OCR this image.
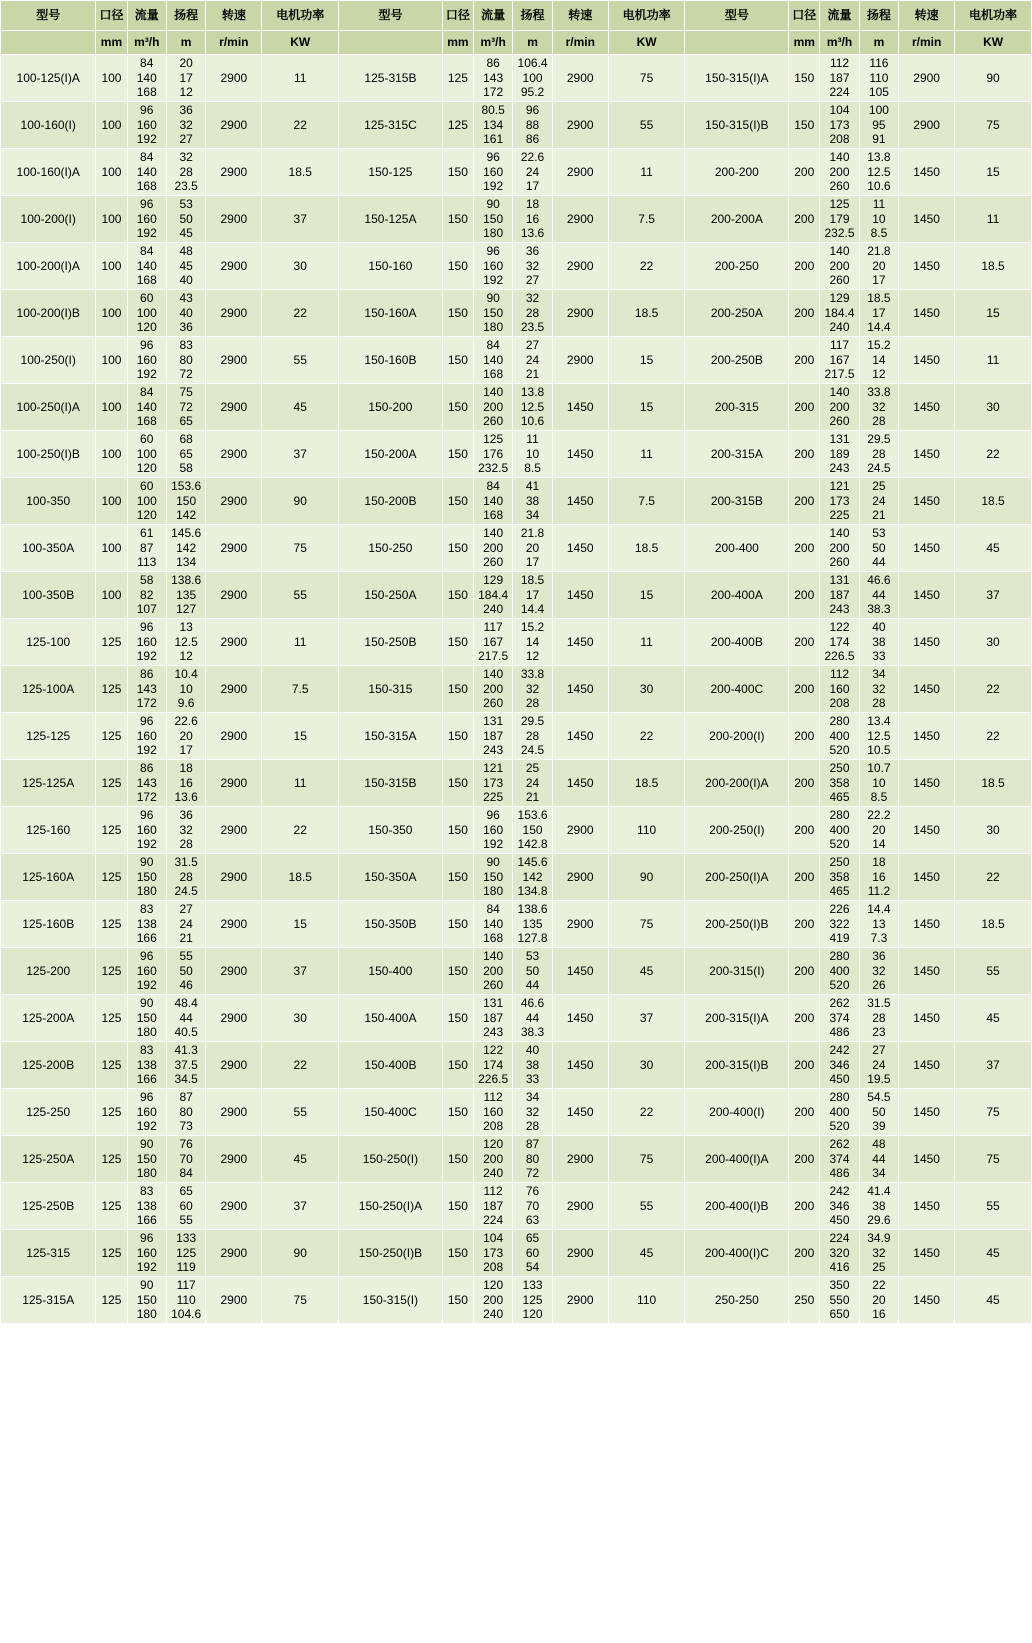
型号	口径	流量	扬程	转速	电机功率	型号	口径	流量	扬程	转速	电机功率	型号	口径	流量	扬程	转速	电机功率
	mm	m³/h	m	r/min	KW		mm	m³/h	m	r/min	KW		mm	m³/h	m	r/min	KW
100-125(I)A	100	84
140
168	20
17
12	2900	11	125-315B	125	86
143
172	106.4
100
95.2	2900	75	150-315(I)A	150	112
187
224	116
110
105	2900	90
100-160(I)	100	96
160
192	36
32
27	2900	22	125-315C	125	80.5
134
161	96
88
86	2900	55	150-315(I)B	150	104
173
208	100
95
91	2900	75
100-160(I)A	100	84
140
168	32
28
23.5	2900	18.5	150-125	150	96
160
192	22.6
24
17	2900	11	200-200	200	140
200
260	13.8
12.5
10.6	1450	15
100-200(I)	100	96
160
192	53
50
45	2900	37	150-125A	150	90
150
180	18
16
13.6	2900	7.5	200-200A	200	125
179
232.5	11
10
8.5	1450	11
100-200(I)A	100	84
140
168	48
45
40	2900	30	150-160	150	96
160
192	36
32
27	2900	22	200-250	200	140
200
260	21.8
20
17	1450	18.5
100-200(I)B	100	60
100
120	43
40
36	2900	22	150-160A	150	90
150
180	32
28
23.5	2900	18.5	200-250A	200	129
184.4
240	18.5
17
14.4	1450	15
100-250(I)	100	96
160
192	83
80
72	2900	55	150-160B	150	84
140
168	27
24
21	2900	15	200-250B	200	117
167
217.5	15.2
14
12	1450	11
100-250(I)A	100	84
140
168	75
72
65	2900	45	150-200	150	140
200
260	13.8
12.5
10.6	1450	15	200-315	200	140
200
260	33.8
32
28	1450	30
100-250(I)B	100	60
100
120	68
65
58	2900	37	150-200A	150	125
176
232.5	11
10
8.5	1450	11	200-315A	200	131
189
243	29.5
28
24.5	1450	22
100-350	100	60
100
120	153.6
150
142	2900	90	150-200B	150	84
140
168	41
38
34	1450	7.5	200-315B	200	121
173
225	25
24
21	1450	18.5
100-350A	100	61
87
113	145.6
142
134	2900	75	150-250	150	140
200
260	21.8
20
17	1450	18.5	200-400	200	140
200
260	53
50
44	1450	45
100-350B	100	58
82
107	138.6
135
127	2900	55	150-250A	150	129
184.4
240	18.5
17
14.4	1450	15	200-400A	200	131
187
243	46.6
44
38.3	1450	37
125-100	125	96
160
192	13
12.5
12	2900	11	150-250B	150	117
167
217.5	15.2
14
12	1450	11	200-400B	200	122
174
226.5	40
38
33	1450	30
125-100A	125	86
143
172	10.4
10
9.6	2900	7.5	150-315	150	140
200
260	33.8
32
28	1450	30	200-400C	200	112
160
208	34
32
28	1450	22
125-125	125	96
160
192	22.6
20
17	2900	15	150-315A	150	131
187
243	29.5
28
24.5	1450	22	200-200(I)	200	280
400
520	13.4
12.5
10.5	1450	22
125-125A	125	86
143
172	18
16
13.6	2900	11	150-315B	150	121
173
225	25
24
21	1450	18.5	200-200(I)A	200	250
358
465	10.7
10
8.5	1450	18.5
125-160	125	96
160
192	36
32
28	2900	22	150-350	150	96
160
192	153.6
150
142.8	2900	110	200-250(I)	200	280
400
520	22.2
20
14	1450	30
125-160A	125	90
150
180	31.5
28
24.5	2900	18.5	150-350A	150	90
150
180	145.6
142
134.8	2900	90	200-250(I)A	200	250
358
465	18
16
11.2	1450	22
125-160B	125	83
138
166	27
24
21	2900	15	150-350B	150	84
140
168	138.6
135
127.8	2900	75	200-250(I)B	200	226
322
419	14.4
13
7.3	1450	18.5
125-200	125	96
160
192	55
50
46	2900	37	150-400	150	140
200
260	53
50
44	1450	45	200-315(I)	200	280
400
520	36
32
26	1450	55
125-200A	125	90
150
180	48.4
44
40.5	2900	30	150-400A	150	131
187
243	46.6
44
38.3	1450	37	200-315(I)A	200	262
374
486	31.5
28
23	1450	45
125-200B	125	83
138
166	41.3
37.5
34.5	2900	22	150-400B	150	122
174
226.5	40
38
33	1450	30	200-315(I)B	200	242
346
450	27
24
19.5	1450	37
125-250	125	96
160
192	87
80
73	2900	55	150-400C	150	112
160
208	34
32
28	1450	22	200-400(I)	200	280
400
520	54.5
50
39	1450	75
125-250A	125	90
150
180	76
70
84	2900	45	150-250(I)	150	120
200
240	87
80
72	2900	75	200-400(I)A	200	262
374
486	48
44
34	1450	75
125-250B	125	83
138
166	65
60
55	2900	37	150-250(I)A	150	112
187
224	76
70
63	2900	55	200-400(I)B	200	242
346
450	41.4
38
29.6	1450	55
125-315	125	96
160
192	133
125
119	2900	90	150-250(I)B	150	104
173
208	65
60
54	2900	45	200-400(I)C	200	224
320
416	34.9
32
25	1450	45
125-315A	125	90
150
180	117
110
104.6	2900	75	150-315(I)	150	120
200
240	133
125
120	2900	110	250-250	250	350
550
650	22
20
16	1450	45
